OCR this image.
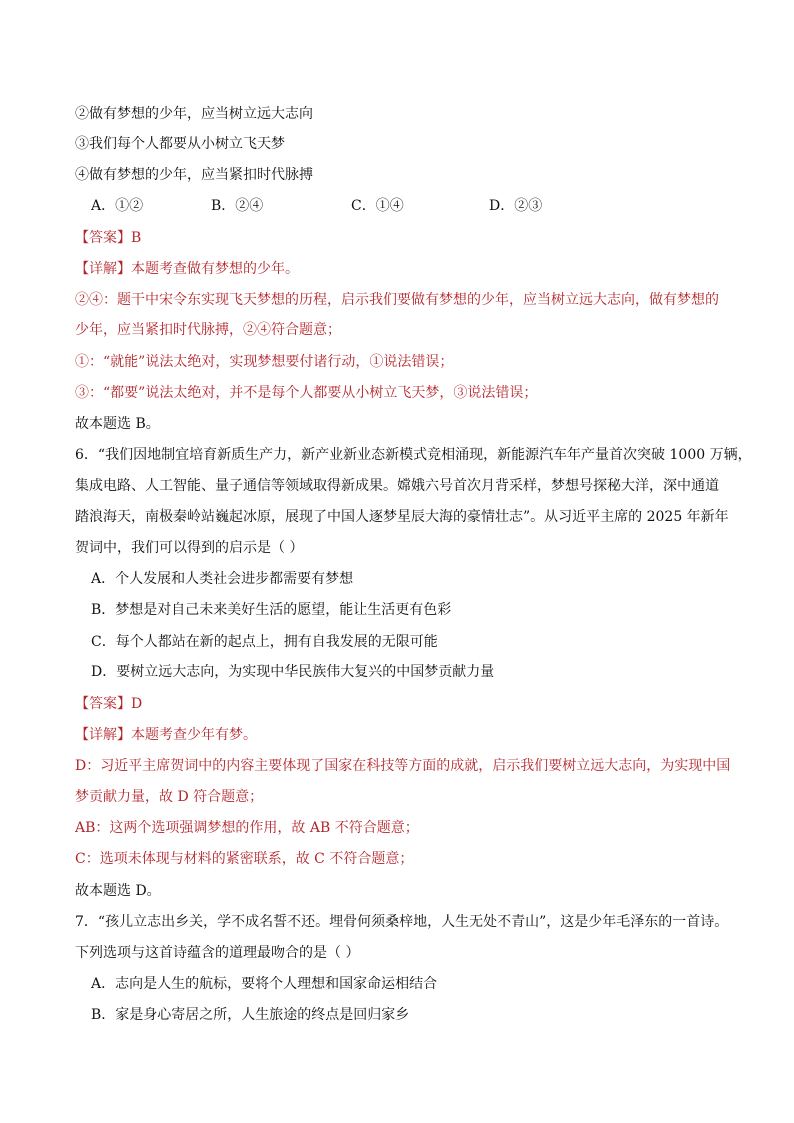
②做有梦想的少年，应当树立远大志向
③我们每个人都要从小树立飞天梦
④做有梦想的少年，应当紧扣时代脉搏
A．①②	B．②④	C．①④	D．②③
【答案】B
【详解】本题考查做有梦想的少年。
②④：题干中宋令东实现飞天梦想的历程，启示我们要做有梦想的少年，应当树立远大志向，做有梦想的
少年，应当紧扣时代脉搏，②④符合题意；
①：“就能”说法太绝对，实现梦想要付诸行动，①说法错误；
③：“都要”说法太绝对，并不是每个人都要从小树立飞天梦，③说法错误；
故本题选 B。
6．“我们因地制宜培育新质生产力，新产业新业态新模式竞相涌现，新能源汽车年产量首次突破 1000 万辆，
集成电路、人工智能、量子通信等领域取得新成果。嫦娥六号首次月背采样，梦想号探秘大洋，深中通道
踏浪海天，南极秦岭站巍起冰原，展现了中国人逐梦星辰大海的豪情壮志”。从习近平主席的 2025 年新年
贺词中，我们可以得到的启示是（ ）
A．个人发展和人类社会进步都需要有梦想
B．梦想是对自己未来美好生活的愿望，能让生活更有色彩
C．每个人都站在新的起点上，拥有自我发展的无限可能
D．要树立远大志向，为实现中华民族伟大复兴的中国梦贡献力量
【答案】D
【详解】本题考查少年有梦。
D：习近平主席贺词中的内容主要体现了国家在科技等方面的成就，启示我们要树立远大志向，为实现中国
梦贡献力量，故 D 符合题意；
AB：这两个选项强调梦想的作用，故 AB 不符合题意；
C：选项未体现与材料的紧密联系，故 C 不符合题意；
故本题选 D。
7．“孩儿立志出乡关，学不成名誓不还。埋骨何须桑梓地，人生无处不青山”，这是少年毛泽东的一首诗。
下列选项与这首诗蕴含的道理最吻合的是（ ）
A．志向是人生的航标，要将个人理想和国家命运相结合
B．家是身心寄居之所，人生旅途的终点是回归家乡
